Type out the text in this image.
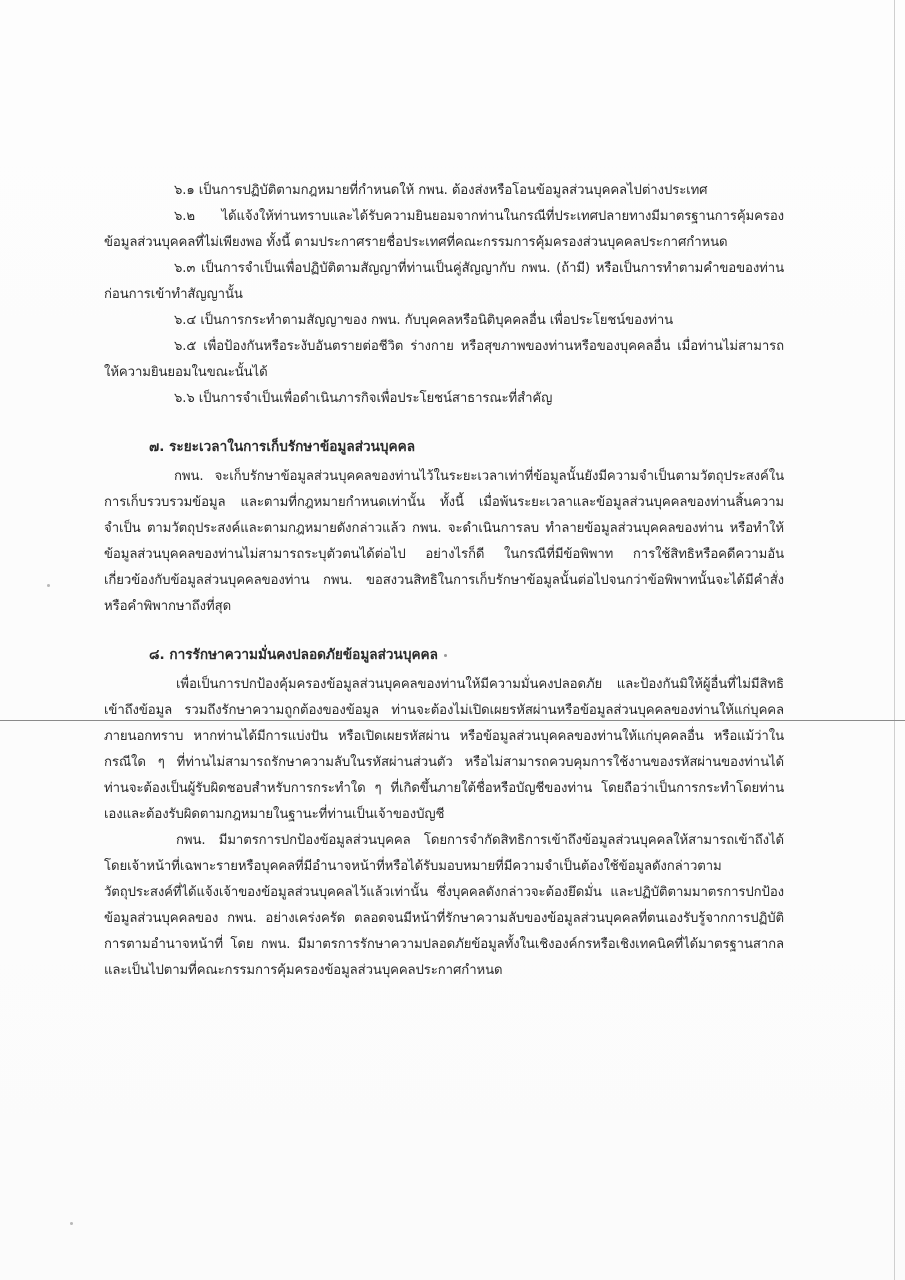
๖.๑ เป็นการปฏิบัติตามกฎหมายที่กำหนดให้ กพน. ต้องส่งหรือโอนข้อมูลส่วนบุคคลไปต่างประเทศ

๖.๒ ได้แจ้งให้ท่านทราบและได้รับความยินยอมจากท่านในกรณีที่ประเทศปลายทางมีมาตรฐานการคุ้มครองข้อมูลส่วนบุคคลที่ไม่เพียงพอ ทั้งนี้ ตามประกาศรายชื่อประเทศที่คณะกรรมการคุ้มครองส่วนบุคคลประกาศกำหนด

๖.๓ เป็นการจำเป็นเพื่อปฏิบัติตามสัญญาที่ท่านเป็นคู่สัญญากับ กพน. (ถ้ามี) หรือเป็นการทำตามคำขอของท่านก่อนการเข้าทำสัญญานั้น

๖.๔ เป็นการกระทำตามสัญญาของ กพน. กับบุคคลหรือนิติบุคคลอื่น เพื่อประโยชน์ของท่าน

๖.๕ เพื่อป้องกันหรือระงับอันตรายต่อชีวิต ร่างกาย หรือสุขภาพของท่านหรือของบุคคลอื่น เมื่อท่านไม่สามารถให้ความยินยอมในขณะนั้นได้

๖.๖ เป็นการจำเป็นเพื่อดำเนินภารกิจเพื่อประโยชน์สาธารณะที่สำคัญ

๗. ระยะเวลาในการเก็บรักษาข้อมูลส่วนบุคคล

กพน. จะเก็บรักษาข้อมูลส่วนบุคคลของท่านไว้ในระยะเวลาเท่าที่ข้อมูลนั้นยังมีความจำเป็นตามวัตถุประสงค์ในการเก็บรวบรวมข้อมูล และตามที่กฎหมายกำหนดเท่านั้น ทั้งนี้ เมื่อพ้นระยะเวลาและข้อมูลส่วนบุคคลของท่านสิ้นความจำเป็น ตามวัตถุประสงค์และตามกฎหมายดังกล่าวแล้ว กพน. จะดำเนินการลบ ทำลายข้อมูลส่วนบุคคลของท่าน หรือทำให้ข้อมูลส่วนบุคคลของท่านไม่สามารถระบุตัวตนได้ต่อไป อย่างไรก็ดี ในกรณีที่มีข้อพิพาท การใช้สิทธิหรือคดีความอันเกี่ยวข้องกับข้อมูลส่วนบุคคลของท่าน กพน. ขอสงวนสิทธิในการเก็บรักษาข้อมูลนั้นต่อไปจนกว่าข้อพิพาทนั้นจะได้มีคำสั่งหรือคำพิพากษาถึงที่สุด

๘. การรักษาความมั่นคงปลอดภัยข้อมูลส่วนบุคคล

เพื่อเป็นการปกป้องคุ้มครองข้อมูลส่วนบุคคลของท่านให้มีความมั่นคงปลอดภัย และป้องกันมิให้ผู้อื่นที่ไม่มีสิทธิเข้าถึงข้อมูล รวมถึงรักษาความถูกต้องของข้อมูล ท่านจะต้องไม่เปิดเผยรหัสผ่านหรือข้อมูลส่วนบุคคลของท่านให้แก่บุคคลภายนอกทราบ หากท่านได้มีการแบ่งปัน หรือเปิดเผยรหัสผ่าน หรือข้อมูลส่วนบุคคลของท่านให้แก่บุคคลอื่น หรือแม้ว่าในกรณีใด ๆ ที่ท่านไม่สามารถรักษาความลับในรหัสผ่านส่วนตัว หรือไม่สามารถควบคุมการใช้งานของรหัสผ่านของท่านได้ ท่านจะต้องเป็นผู้รับผิดชอบสำหรับการกระทำใด ๆ ที่เกิดขึ้นภายใต้ชื่อหรือบัญชีของท่าน โดยถือว่าเป็นการกระทำโดยท่านเองและต้องรับผิดตามกฎหมายในฐานะที่ท่านเป็นเจ้าของบัญชี

กพน. มีมาตรการปกป้องข้อมูลส่วนบุคคล โดยการจำกัดสิทธิการเข้าถึงข้อมูลส่วนบุคคลให้สามารถเข้าถึงได้โดยเจ้าหน้าที่เฉพาะรายหรือบุคคลที่มีอำนาจหน้าที่หรือได้รับมอบหมายที่มีความจำเป็นต้องใช้ข้อมูลดังกล่าวตามวัตถุประสงค์ที่ได้แจ้งเจ้าของข้อมูลส่วนบุคคลไว้แล้วเท่านั้น ซึ่งบุคคลดังกล่าวจะต้องยึดมั่น และปฏิบัติตามมาตรการปกป้องข้อมูลส่วนบุคคลของ กพน. อย่างเคร่งครัด ตลอดจนมีหน้าที่รักษาความลับของข้อมูลส่วนบุคคลที่ตนเองรับรู้จากการปฏิบัติการตามอำนาจหน้าที่ โดย กพน. มีมาตรการรักษาความปลอดภัยข้อมูลทั้งในเชิงองค์กรหรือเชิงเทคนิคที่ได้มาตรฐานสากล และเป็นไปตามที่คณะกรรมการคุ้มครองข้อมูลส่วนบุคคลประกาศกำหนด
